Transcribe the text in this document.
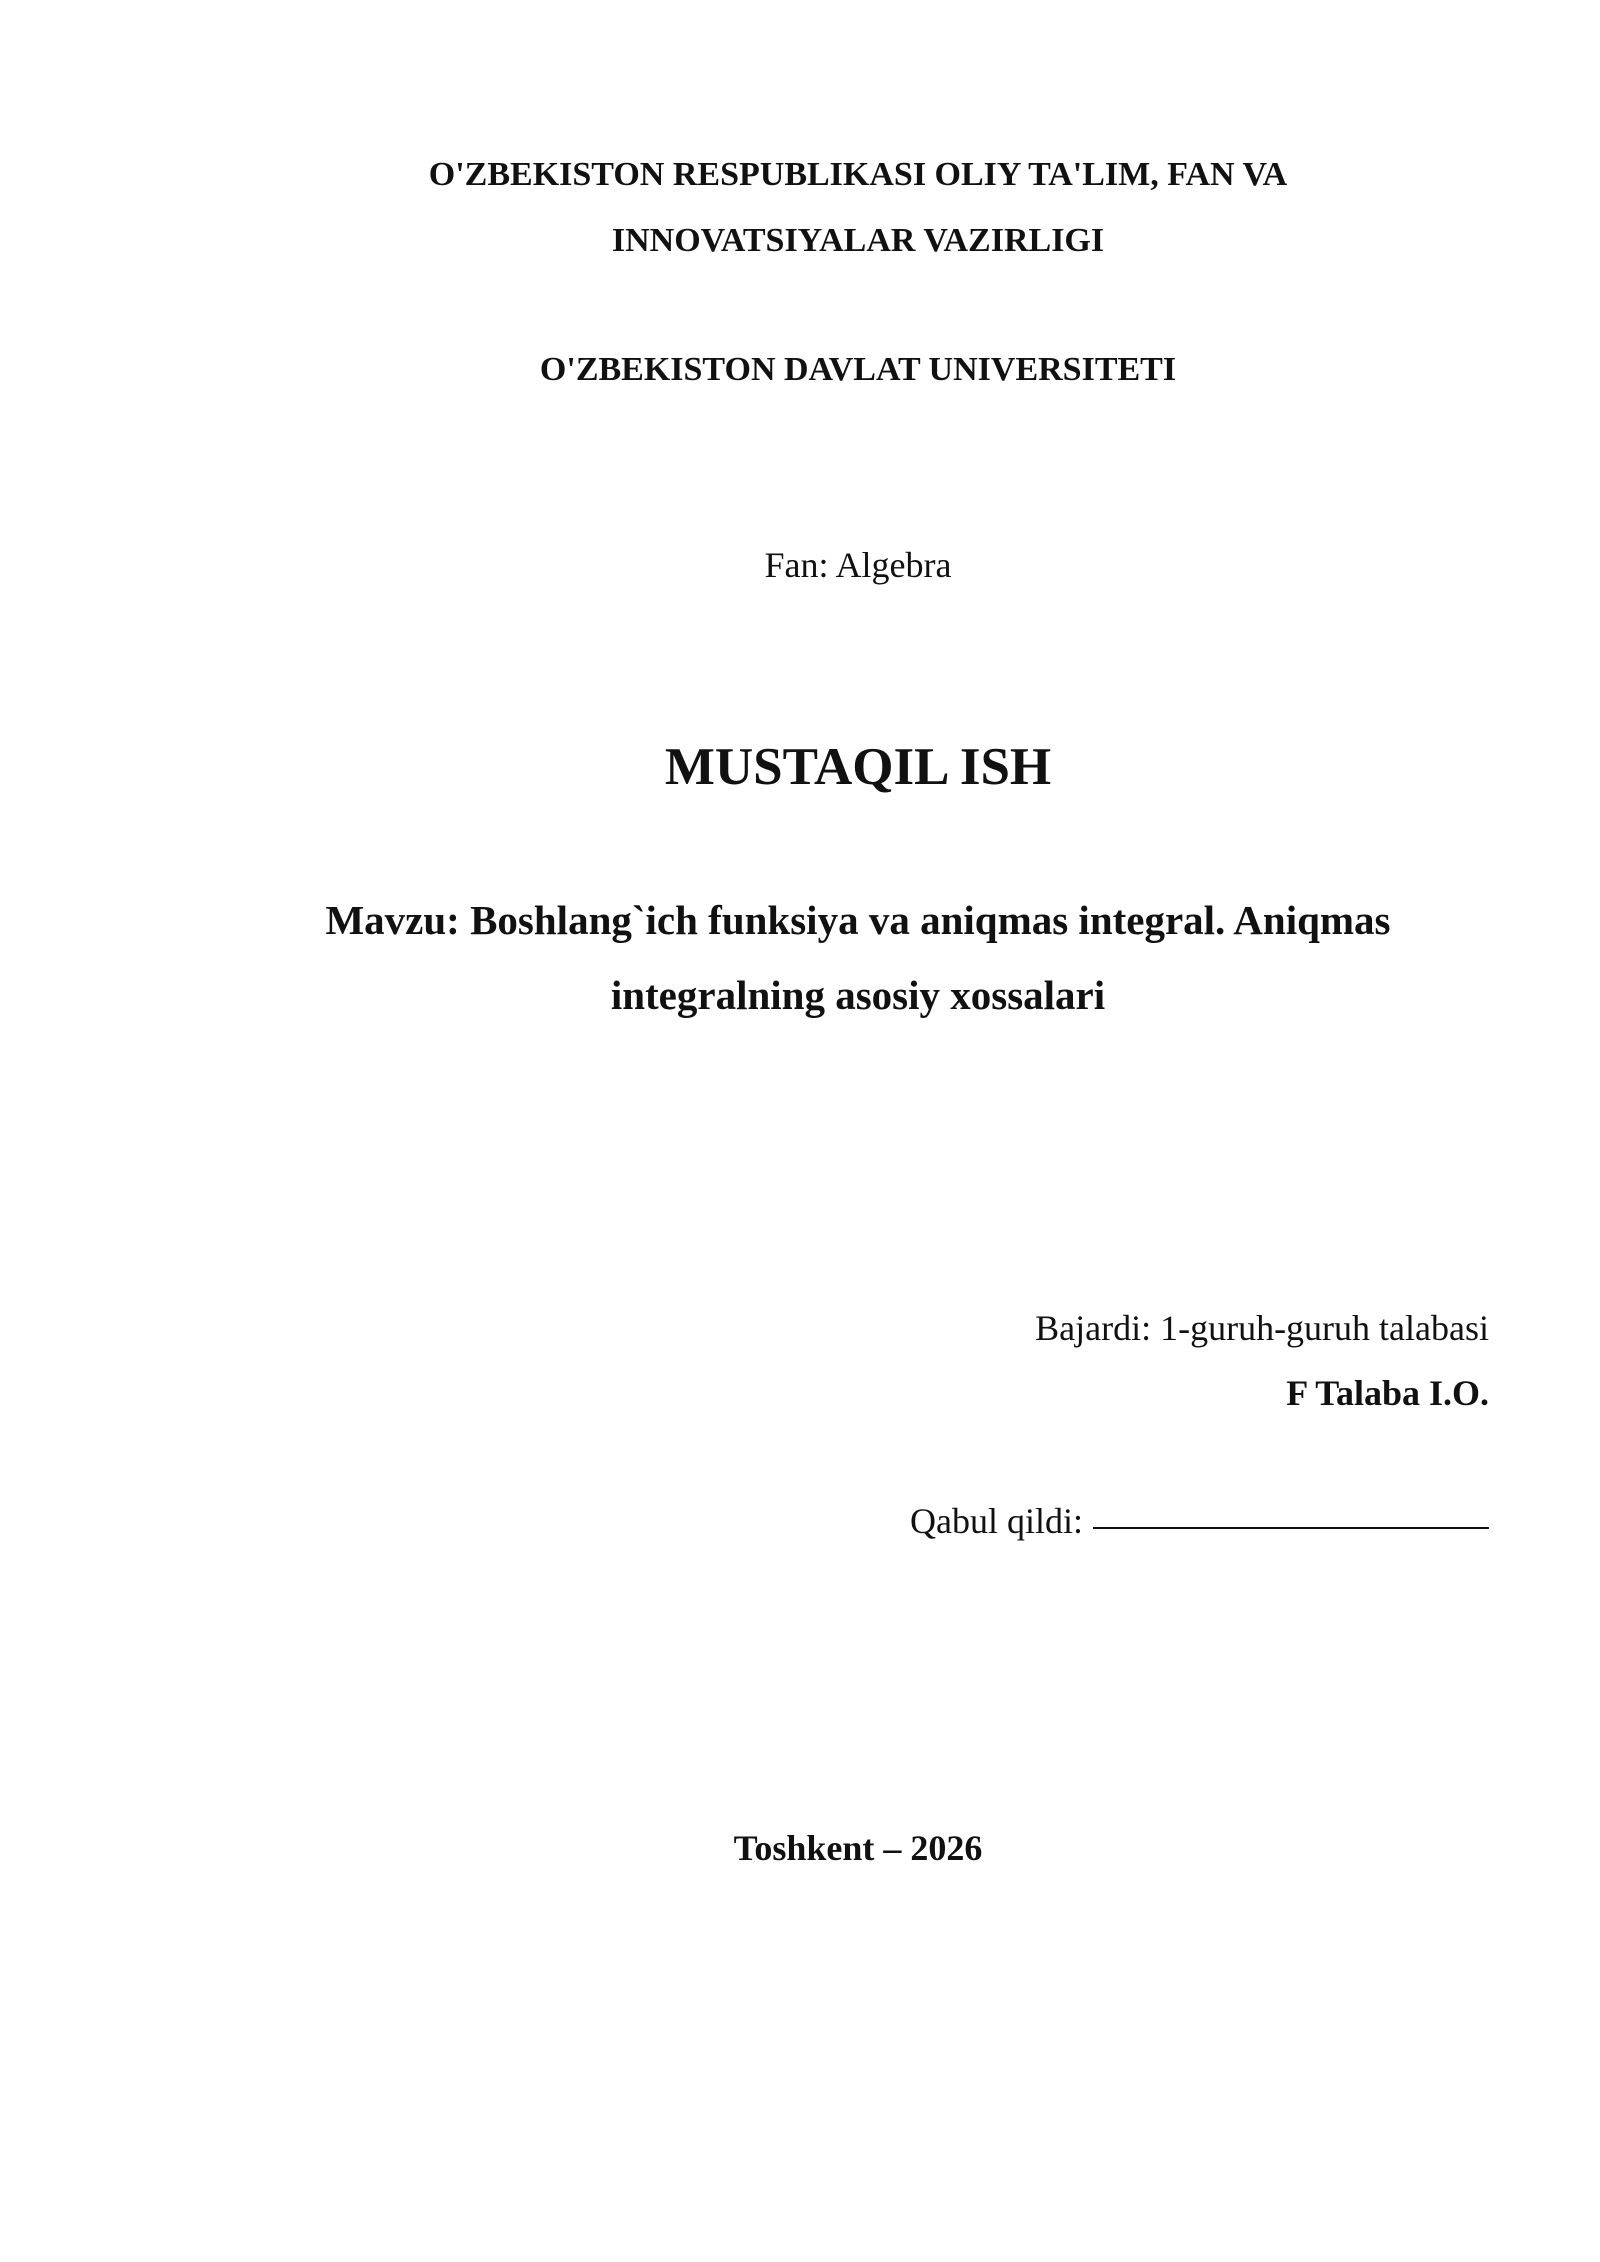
O'ZBEKISTON RESPUBLIKASI OLIY TA'LIM, FAN VA
INNOVATSIYALAR VAZIRLIGI
O'ZBEKISTON DAVLAT UNIVERSITETI
Fan: Algebra
MUSTAQIL ISH
Mavzu: Boshlang`ich funksiya va aniqmas integral. Aniqmas
integralning asosiy xossalari
Bajardi: 1-guruh-guruh talabasi
F Talaba I.O.
Qabul qildi:
Toshkent – 2026
